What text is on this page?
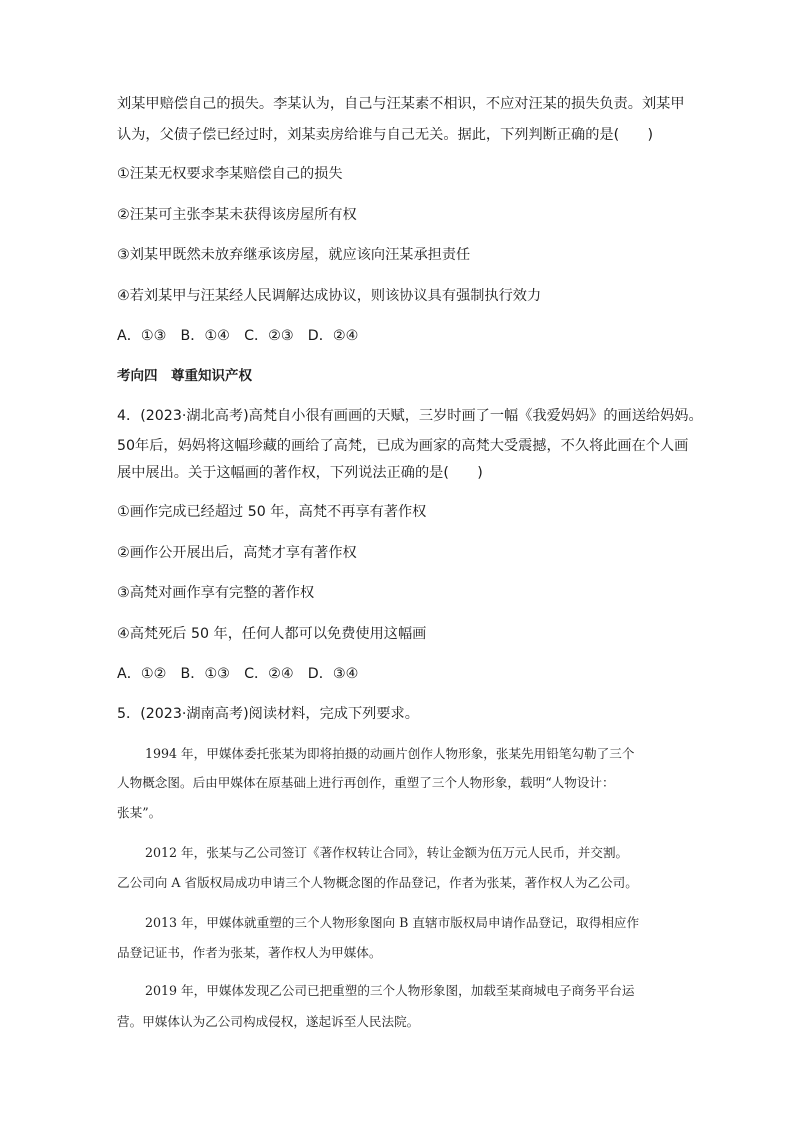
刘某甲赔偿自己的损失。李某认为，自己与汪某素不相识，不应对汪某的损失负责。刘某甲
认为，父债子偿已经过时，刘某卖房给谁与自己无关。据此，下列判断正确的是(　　)
①汪某无权要求李某赔偿自己的损失
②汪某可主张李某未获得该房屋所有权
③刘某甲既然未放弃继承该房屋，就应该向汪某承担责任
④若刘某甲与汪某经人民调解达成协议，则该协议具有强制执行效力
A．①③　B．①④　C．②③　D．②④
考向四　尊重知识产权
4．(2023·湖北高考)高梵自小很有画画的天赋，三岁时画了一幅《我爱妈妈》的画送给妈妈。
50年后，妈妈将这幅珍藏的画给了高梵，已成为画家的高梵大受震撼，不久将此画在个人画
展中展出。关于这幅画的著作权，下列说法正确的是(　　)
①画作完成已经超过 50 年，高梵不再享有著作权
②画作公开展出后，高梵才享有著作权
③高梵对画作享有完整的著作权
④高梵死后 50 年，任何人都可以免费使用这幅画
A．①②　B．①③　C．②④　D．③④
5．(2023·湖南高考)阅读材料，完成下列要求。
1994 年，甲媒体委托张某为即将拍摄的动画片创作人物形象，张某先用铅笔勾勒了三个
人物概念图。后由甲媒体在原基础上进行再创作，重塑了三个人物形象，载明“人物设计：
张某”。
2012 年，张某与乙公司签订《著作权转让合同》，转让金额为伍万元人民币，并交割。
乙公司向 A 省版权局成功申请三个人物概念图的作品登记，作者为张某，著作权人为乙公司。
2013 年，甲媒体就重塑的三个人物形象图向 B 直辖市版权局申请作品登记，取得相应作
品登记证书，作者为张某，著作权人为甲媒体。
2019 年，甲媒体发现乙公司已把重塑的三个人物形象图，加载至某商城电子商务平台运
营。甲媒体认为乙公司构成侵权，遂起诉至人民法院。
